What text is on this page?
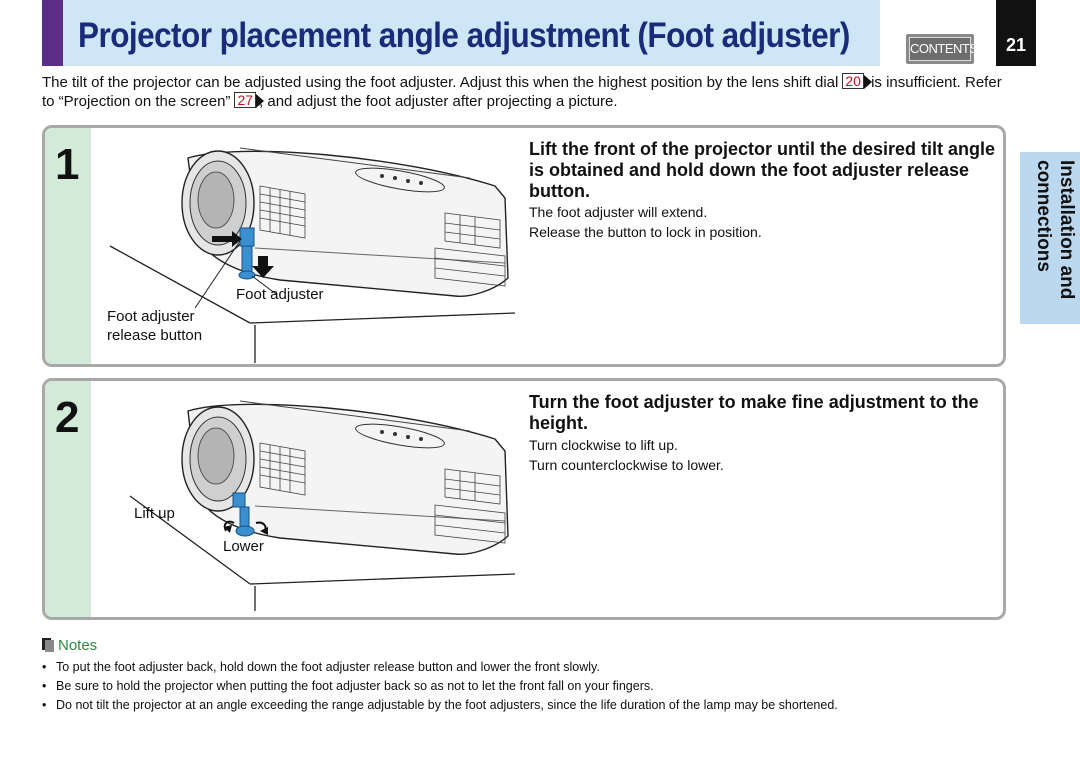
Projector placement angle adjustment (Foot adjuster)	CONTENTS	21
The tilt of the projector can be adjusted using the foot adjuster. Adjust this when the highest position by the lens shift dial 20 is insufficient. Refer to “Projection on the screen” 27 , and adjust the foot adjuster after projecting a picture.
Installation and
connections
1
Foot adjuster
Foot adjuster
release button
Lift the front of the projector until the desired tilt angle is obtained and hold down the foot adjuster release button.
The foot adjuster will extend.
Release the button to lock in position.
2
Lift up
Lower
Turn the foot adjuster to make fine adjustment to the height.
Turn clockwise to lift up.
Turn counterclockwise to lower.
Notes
• To put the foot adjuster back, hold down the foot adjuster release button and lower the front slowly.
• Be sure to hold the projector when putting the foot adjuster back so as not to let the front fall on your fingers.
• Do not tilt the projector at an angle exceeding the range adjustable by the foot adjusters, since the life duration of the lamp may be shortened.
